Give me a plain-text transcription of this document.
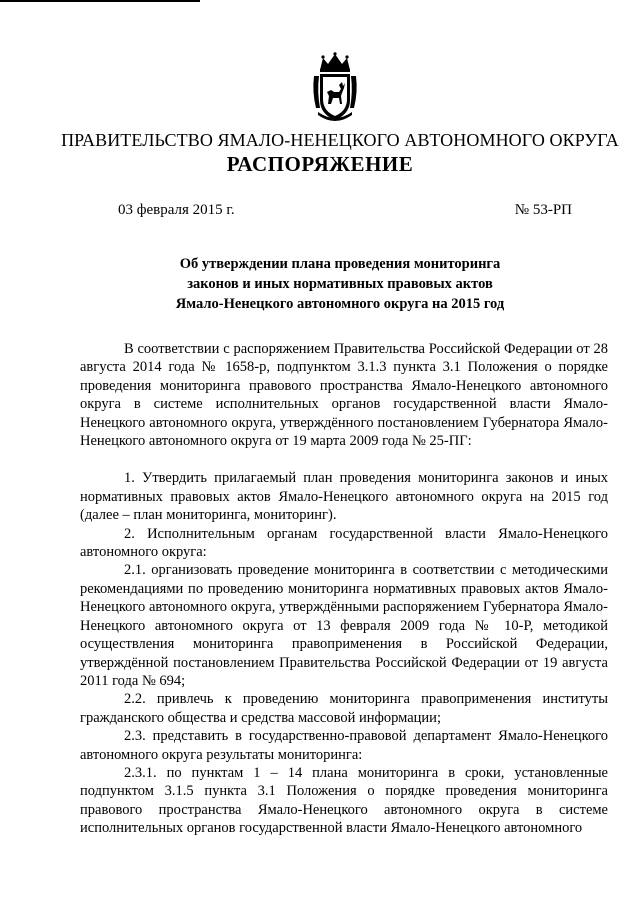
ПРАВИТЕЛЬСТВО ЯМАЛО-НЕНЕЦКОГО АВТОНОМНОГО ОКРУГА
РАСПОРЯЖЕНИЕ
03 февраля 2015 г.	№ 53-РП
Об утверждении плана проведения мониторинга
законов и иных нормативных правовых актов
Ямало-Ненецкого автономного округа на 2015 год

В соответствии с распоряжением Правительства Российской Федерации от 28 августа 2014 года № 1658-р, подпунктом 3.1.3 пункта 3.1 Положения о порядке проведения мониторинга правового пространства Ямало-Ненецкого автономного округа в системе исполнительных органов государственной власти Ямало-Ненецкого автономного округа, утверждённого постановлением Губернатора Ямало-Ненецкого автономного округа от 19 марта 2009 года № 25-ПГ:

1. Утвердить прилагаемый план проведения мониторинга законов и иных нормативных правовых актов Ямало-Ненецкого автономного округа на 2015 год (далее – план мониторинга, мониторинг).

2. Исполнительным органам государственной власти Ямало-Ненецкого автономного округа:

2.1. организовать проведение мониторинга в соответствии с методическими рекомендациями по проведению мониторинга нормативных правовых актов Ямало-Ненецкого автономного округа, утверждёнными распоряжением Губернатора Ямало-Ненецкого автономного округа от 13 февраля 2009 года № 10-Р, методикой осуществления мониторинга правоприменения в Российской Федерации, утверждённой постановлением Правительства Российской Федерации от 19 августа 2011 года № 694;

2.2. привлечь к проведению мониторинга правоприменения институты гражданского общества и средства массовой информации;

2.3. представить в государственно-правовой департамент Ямало-Ненецкого автономного округа результаты мониторинга:

2.3.1. по пунктам 1 – 14 плана мониторинга в сроки, установленные подпунктом 3.1.5 пункта 3.1 Положения о порядке проведения мониторинга правового пространства Ямало-Ненецкого автономного округа в системе исполнительных органов государственной власти Ямало-Ненецкого автономного
